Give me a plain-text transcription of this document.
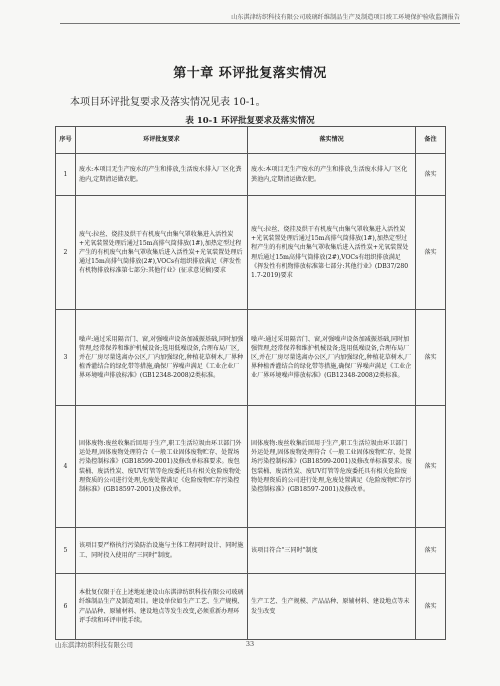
山东淇津纺织科技有限公司玻璃纤维制品生产及制造项目竣工环境保护验收监测报告
第十章 环评批复落实情况
本项目环评批复要求及落实情况见表 10-1。
表 10-1 环评批复要求及落实情况
序号	环评批复要求	落实情况	备注
1	废水:本项目无生产废水的产生和排放,生活废水排入厂区化粪池内,定期清运做农肥。	废水:本项目无生产废水的产生和排放,生活废水排入厂区化粪池内,定期清运做农肥。	落实
2	废气:拉丝、烧挂及烘干有机废气由集气罩收集进入活性炭+光氧装置处理后通过15m高排气筒排放(1#),加热定型过程产生的有机废气由集气罩收集后进入活性炭+光氧装置处理后通过15m高排气筒排放(2#),VOCs有组织排放满足《挥发性有机物排放标准第七部分:其他行业》(征求意见稿)要求	废气:拉丝、烧挂及烘干有机废气由集气罩收集进入活性炭+光氧装置处理后通过15m高排气筒排放(1#),加热定型过程产生的有机废气由集气罩收集后进入活性炭+光氧装置处理后通过15m高排气筒排放(2#),VOCs有组织排放满足《挥发性有机物排放标准第七部分:其他行业》(DB37/2801.7-2019)要求	落实
3	噪声:通过采用隔音门、窗,对强噪声设备加减振基础,同时加强管理,经常保养和维护机械设备;选用低噪设备,合理布局厂区,并在厂房尽量选离办公区,厂内加强绿化,种植花草树木,厂界种植香灌结合的绿化带等措施,确保厂界噪声满足《工业企业厂界环境噪声排放标准》(GB12348-2008)2类标准。	噪声:通过采用隔音门、窗,对强噪声设备加减振基础,同时加强管理,经常保养和维护机械设备;选用低噪设备,合理布局厂区,并在厂房尽量选离办公区,厂内加强绿化,种植花草树木,厂界种植香灌结合的绿化带等措施,确保厂界噪声满足《工业企业厂界环境噪声排放标准》(GB12348-2008)2类标准。	落实
4	固体废物:废丝收集后回用于生产,职工生活垃圾由环卫部门外运处理,固体废物处理符合《一般工业固体废物贮存、处置场污染控制标准》(GB18599-2001)及修改单标准要求。废包装桶、废活性炭、废UV灯管等危废委托具有相关危险废物处理资质的公司进行处理,危废处置满足《危险废物贮存污染控制标准》(GB18597-2001)及修改单。	固体废物:废丝收集后回用于生产,职工生活垃圾由环卫部门外运处理,固体废物处理符合《一般工业固体废物贮存、处置场污染控制标准》(GB18599-2001)及修改单标准要求。废包装桶、废活性炭、废UV灯管等危废委托具有相关危险废物处理资质的公司进行处理,危废处置满足《危险废物贮存污染控制标准》(GB18597-2001)及修改单。	落实
5	该项目要严格执行污染防治设施与主体工程同时设计、同时施工、同时投入使用的"三同时"制度。	该项目符合"三同时"制度	落实
6	本批复仅限于在上述地址建设山东淇津纺织科技有限公司玻璃纤维制品生产及制造项目。建设单位如生产工艺、生产规模、产品品种、原辅材料、建设地点等发生改变,必须重新办理环评手续和环评审批手续。	生产工艺、生产规模、产品品种、原辅材料、建设地点等未发生改变	落实
山东淇津纺织科技有限公司	33
